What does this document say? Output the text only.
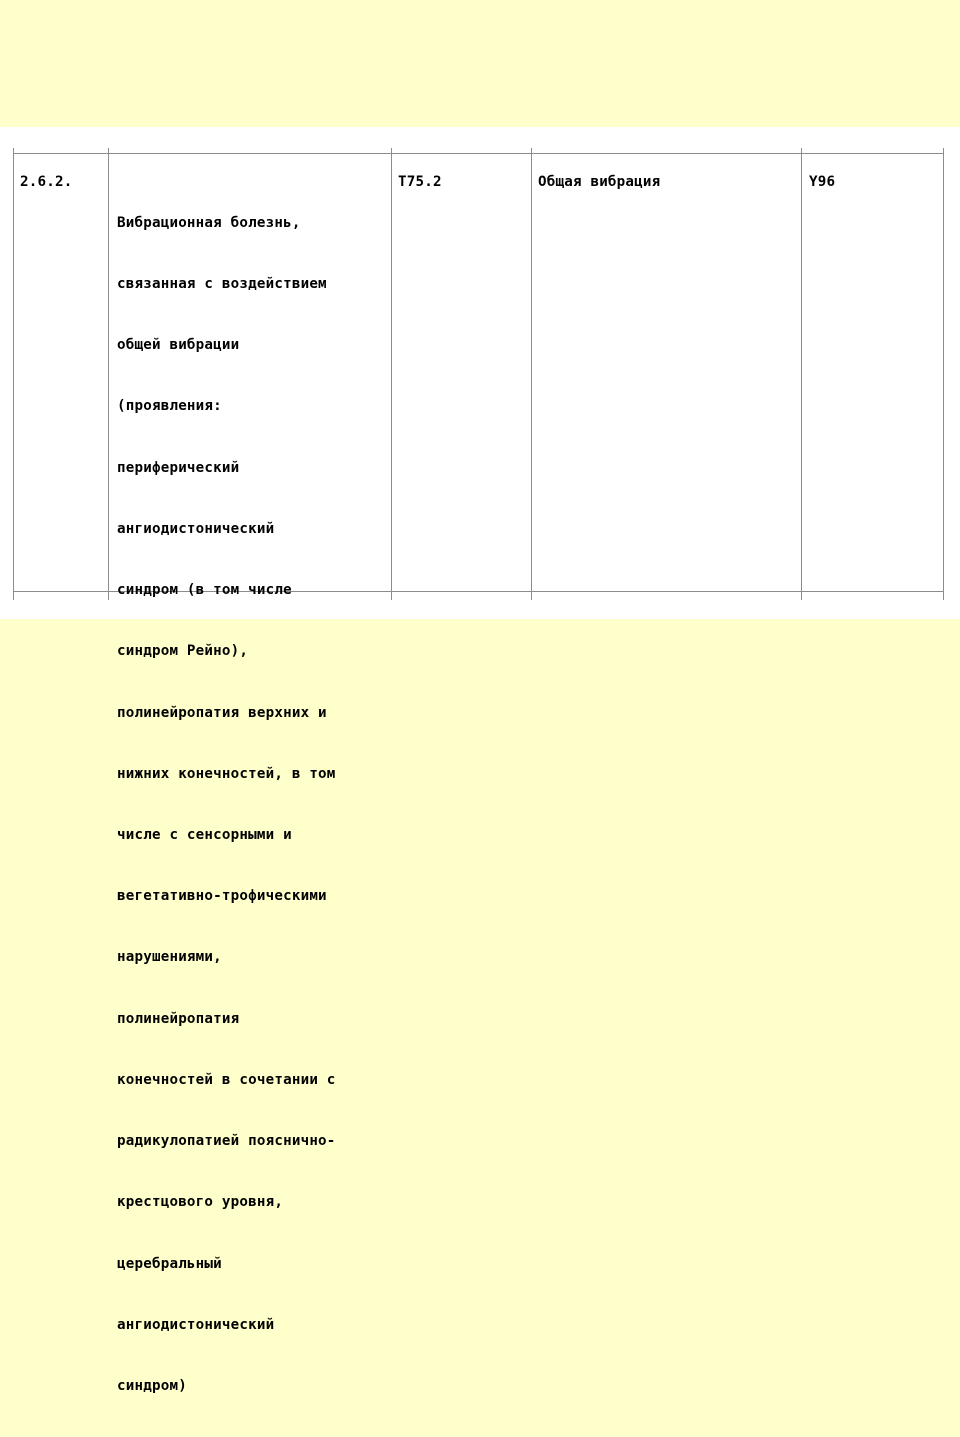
2.6.2.

Вибрационная болезнь,

связанная с воздействием

общей вибрации

(проявления:

периферический

ангиодистонический

синдром (в том числе

синдром Рейно),

полинейропатия верхних и

нижних конечностей, в том

числе с сенсорными и

вегетативно-трофическими

нарушениями,

полинейропатия

конечностей в сочетании с

радикулопатией пояснично-

крестцового уровня,

церебральный

ангиодистонический

синдром)

T75.2	Общая вибрация	Y96
